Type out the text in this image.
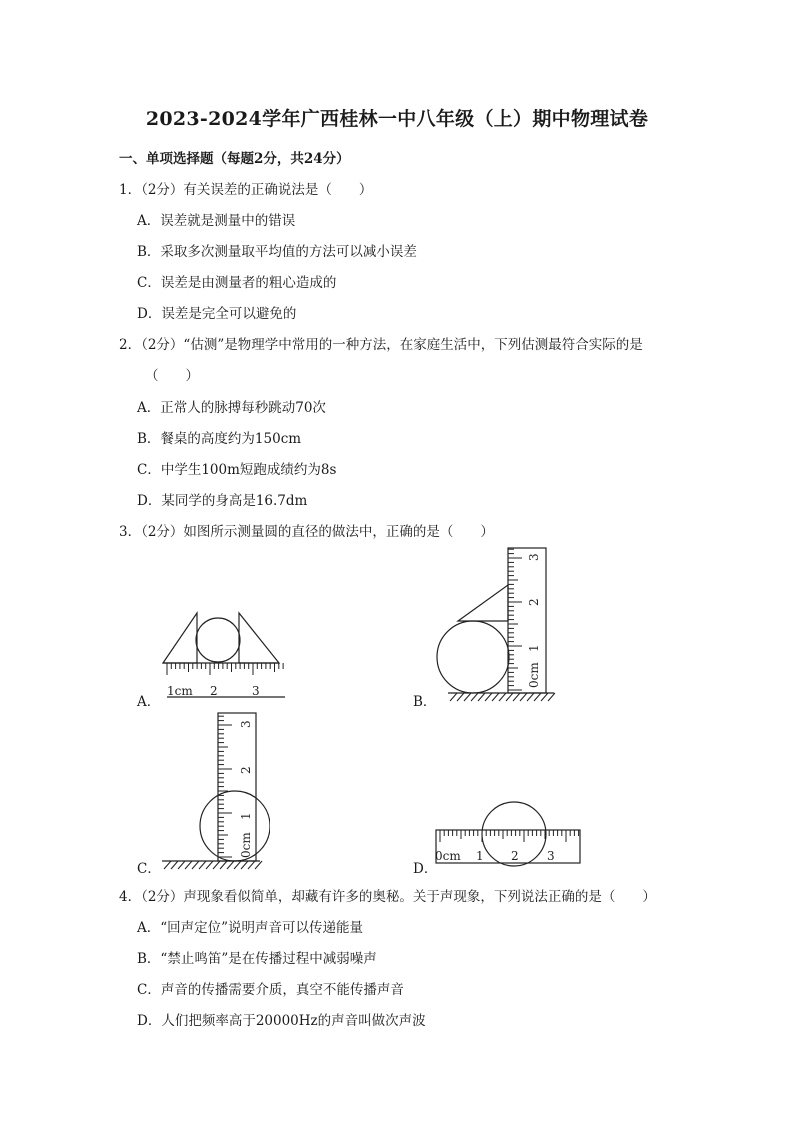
2023-2024学年广西桂林一中八年级（上）期中物理试卷
一、单项选择题（每题2分，共24分）
1．（2分）有关误差的正确说法是（　　）
A．误差就是测量中的错误
B．采取多次测量取平均值的方法可以减小误差
C．误差是由测量者的粗心造成的
D．误差是完全可以避免的
2．（2分）“估测”是物理学中常用的一种方法，在家庭生活中，下列估测最符合实际的是
（　　）
A．正常人的脉搏每秒跳动70次
B．餐桌的高度约为150cm
C．中学生100m短跑成绩约为8s
D．某同学的身高是16.7dm
3．（2分）如图所示测量圆的直径的做法中，正确的是（　　）
A．	B．
C．	D．
1cm 2	3
0cm
1
2
3
0cm
1
2
3
0cm 1 2 3
4．（2分）声现象看似简单，却藏有许多的奥秘。关于声现象，下列说法正确的是（　　）
A．“回声定位”说明声音可以传递能量
B．“禁止鸣笛”是在传播过程中减弱噪声
C．声音的传播需要介质，真空不能传播声音
D．人们把频率高于20000Hz的声音叫做次声波
